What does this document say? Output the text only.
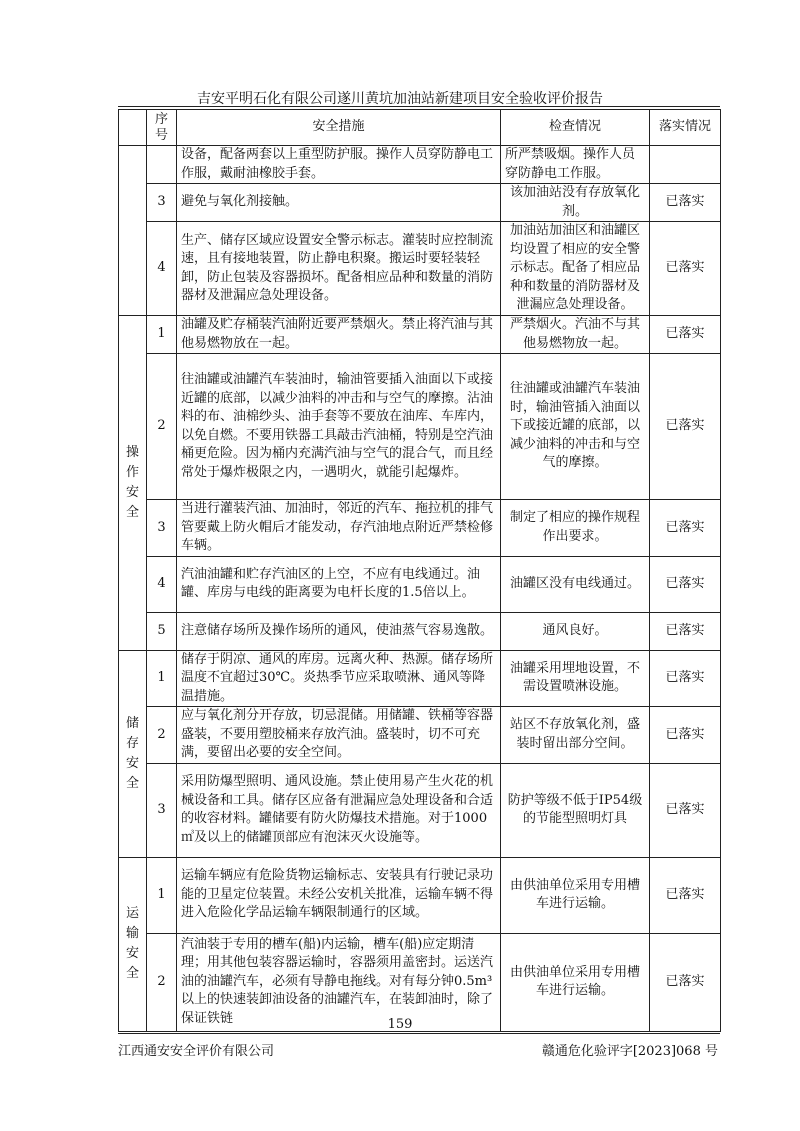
吉安平明石化有限公司遂川黄坑加油站新建项目安全验收评价报告
	序号	安全措施	检查情况	落实情况
		设备，配备两套以上重型防护服。操作人员穿防静电工作服，戴耐油橡胶手套。	所严禁吸烟。操作人员穿防静电工作服。	
	3	避免与氧化剂接触。	该加油站没有存放氧化剂。	已落实
	4	生产、储存区域应设置安全警示标志。灌装时应控制流速，且有接地装置，防止静电积聚。搬运时要轻装轻卸，防止包装及容器损坏。配备相应品种和数量的消防器材及泄漏应急处理设备。	加油站加油区和油罐区均设置了相应的安全警示标志。配备了相应品种和数量的消防器材及泄漏应急处理设备。	已落实

操
作
安
全	1	油罐及贮存桶装汽油附近要严禁烟火。禁止将汽油与其他易燃物放在一起。	严禁烟火。汽油不与其他易燃物放一起。	已落实
	2	往油罐或油罐汽车装油时，输油管要插入油面以下或接近罐的底部，以减少油料的冲击和与空气的摩擦。沾油料的布、油棉纱头、油手套等不要放在油库、车库内，以免自燃。不要用铁器工具敲击汽油桶，特别是空汽油桶更危险。因为桶内充满汽油与空气的混合气，而且经常处于爆炸极限之内，一遇明火，就能引起爆炸。	往油罐或油罐汽车装油时，输油管插入油面以下或接近罐的底部，以减少油料的冲击和与空气的摩擦。	已落实
	3	当进行灌装汽油、加油时，邻近的汽车、拖拉机的排气管要戴上防火帽后才能发动，存汽油地点附近严禁检修车辆。	制定了相应的操作规程作出要求。	已落实
	4	汽油油罐和贮存汽油区的上空，不应有电线通过。油罐、库房与电线的距离要为电杆长度的1.5倍以上。	油罐区没有电线通过。	已落实
	5	注意储存场所及操作场所的通风，使油蒸气容易逸散。	通风良好。	已落实

储
存
安
全	1	储存于阴凉、通风的库房。远离火种、热源。储存场所温度不宜超过30℃。炎热季节应采取喷淋、通风等降温措施。	油罐采用埋地设置，不需设置喷淋设施。	已落实
	2	应与氧化剂分开存放，切忌混储。用储罐、铁桶等容器盛装，不要用塑胶桶来存放汽油。盛装时，切不可充满，要留出必要的安全空间。	站区不存放氧化剂，盛装时留出部分空间。	已落实
	3	采用防爆型照明、通风设施。禁止使用易产生火花的机械设备和工具。储存区应备有泄漏应急处理设备和合适的收容材料。罐储要有防火防爆技术措施。对于1000㎥及以上的储罐顶部应有泡沫灭火设施等。	防护等级不低于IP54级的节能型照明灯具	已落实

运
输
安
全	1	运输车辆应有危险货物运输标志、安装具有行驶记录功能的卫星定位装置。未经公安机关批准，运输车辆不得进入危险化学品运输车辆限制通行的区域。	由供油单位采用专用槽车进行运输。	已落实
	2	汽油装于专用的槽车(船)内运输，槽车(船)应定期清理；用其他包装容器运输时，容器须用盖密封。运送汽油的油罐汽车，必须有导静电拖线。对有每分钟0.5m³以上的快速装卸油设备的油罐汽车，在装卸油时，除了保证铁链	由供油单位采用专用槽车进行运输。	已落实
159
江西通安安全评价有限公司	赣通危化验评字[2023]068 号
